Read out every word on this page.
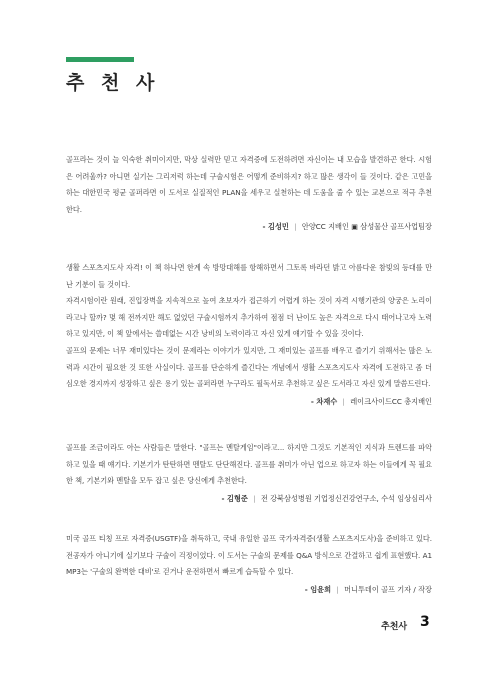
추 천 사

골프라는 것이 늘 익숙한 취미이지만, 막상 실력만 믿고 자격증에 도전하려면 자신이는 내 모습을 발견하곤 한다. 시험은 어려울까? 아니면 실기는 그리저럭 하는데 구술시험은 어떻게 준비하지? 하고 많은 생각이 들 것이다. 같은 고민을 하는 대한민국 평균 골퍼라면 이 도서로 실질적인 PLAN을 세우고 실천하는 데 도움을 줄 수 있는 교본으로 적극 추천한다.

- 김성민 | 안양CC 지배인 ▣ 삼성물산 골프사업팀장

생활 스포츠지도사 자격! 이 책 하나면 한계 속 방망대해를 항해하면서 그토록 바라던 밝고 아름다운 참빛의 등대를 만난 기분이 들 것이다.

자격시험이란 원래, 진입장벽을 지속적으로 높여 초보자가 접근하기 어렵게 하는 것이 자격 시행기관의 양궁은 노리이라고나 할까? 몇 해 전까지만 해도 없었던 구술시험까지 추가하여 점점 더 난이도 높은 자격으로 다시 태어나고자 노력하고 있지만, 이 책 앞에서는 쓸데없는 시간 낭비의 노력이라고 자신 있게 얘기할 수 있을 것이다.

골프의 문제는 너무 재미있다는 것이 문제라는 이야기가 있지만, 그 재미있는 골프를 배우고 즐기기 위해서는 많은 노력과 시간이 필요한 것 또한 사실이다. 골프를 단순하게 즐긴다는 개념에서 생활 스포츠지도사 자격에 도전하고 좀 더 심오한 경지까지 성장하고 싶은 용기 있는 골퍼라면 누구라도 필독서로 추천하고 싶은 도서라고 자신 있게 말씀드린다.

- 차재수 | 레이크사이드CC 총지배인

골프를 조금이라도 아는 사람들은 말한다. "골프는 멘탈게임"이라고... 하지만 그것도 기본적인 지식과 트렌드를 파악하고 있을 때 얘기다. 기본기가 탄탄하면 멘탈도 단단해진다. 골프를 취미가 아닌 업으로 하고자 하는 이들에게 꼭 필요한 책, 기본기와 멘탈을 모두 잡고 싶은 당신에게 추천한다.

- 김형준 | 전 강북삼성병원 기업정신건강연구소, 수석 임상심리사

미국 골프 티칭 프로 자격증(USGTF)을 취득하고, 국내 유일한 골프 국가자격증(생활 스포츠지도사)을 준비하고 있다. 전공자가 아니기에 실기보다 구술이 걱정이었다. 이 도서는 구술의 문제를 Q&A 방식으로 간결하고 쉽게 표현했다. A1 MP3는 '구술의 완벽한 대비'로 걷거나 운전하면서 빠르게 습득할 수 있다.

- 임윤희 | 머니투데이 골프 기자 / 작장
추천사 3
